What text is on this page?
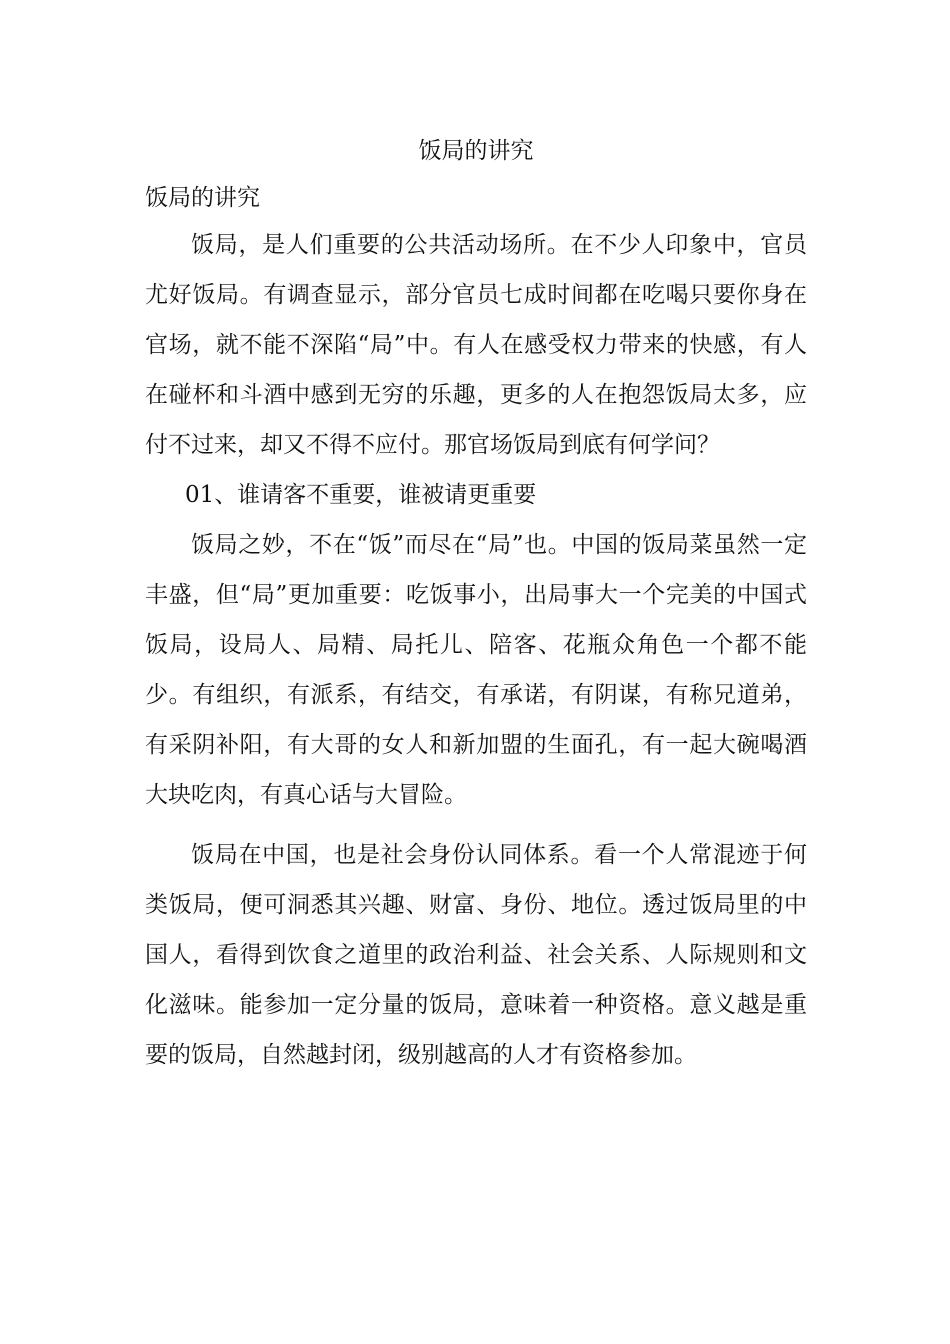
饭局的讲究
饭局的讲究

饭局，是人们重要的公共活动场所。在不少人印象中，官员尤好饭局。有调查显示，部分官员七成时间都在吃喝只要你身在官场，就不能不深陷“局”中。有人在感受权力带来的快感，有人在碰杯和斗酒中感到无穷的乐趣，更多的人在抱怨饭局太多，应付不过来，却又不得不应付。那官场饭局到底有何学问？

01、谁请客不重要，谁被请更重要

饭局之妙，不在“饭”而尽在“局”也。中国的饭局菜虽然一定丰盛，但“局”更加重要：吃饭事小，出局事大一个完美的中国式饭局，设局人、局精、局托儿、陪客、花瓶众角色一个都不能少。有组织，有派系，有结交，有承诺，有阴谋，有称兄道弟，有采阴补阳，有大哥的女人和新加盟的生面孔，有一起大碗喝酒大块吃肉，有真心话与大冒险。

饭局在中国，也是社会身份认同体系。看一个人常混迹于何类饭局，便可洞悉其兴趣、财富、身份、地位。透过饭局里的中国人，看得到饮食之道里的政治利益、社会关系、人际规则和文化滋味。能参加一定分量的饭局，意味着一种资格。意义越是重要的饭局，自然越封闭，级别越高的人才有资格参加。
